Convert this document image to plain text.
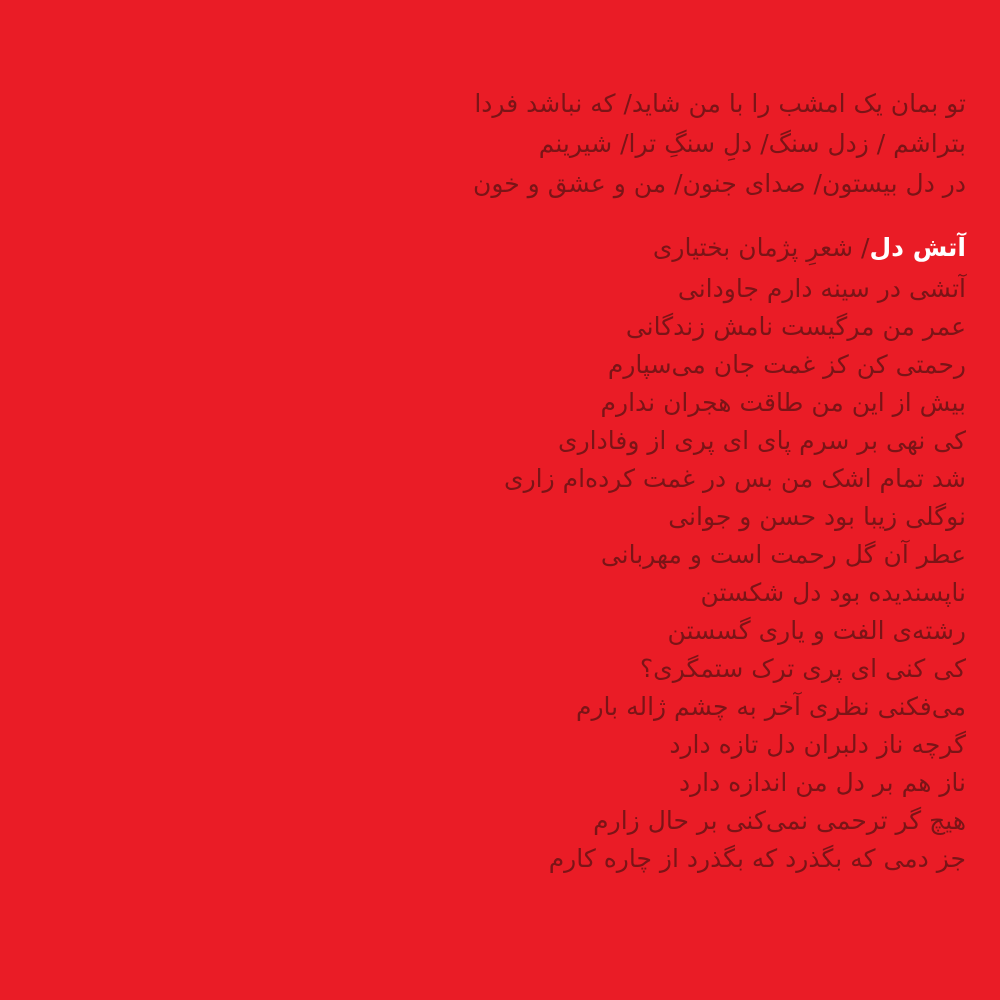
تو بمان یک امشب را با من شاید/ که نباشد فردا
بتراشم / زدل سنگ/ دلِ سنگِ ترا/ شیرینم
در دل بیستون/ صدای جنون/ من و عشق و خون
آتش دل/ شعرِ پژمان بختیاری
آتشی در سینه دارم جاودانی
عمر من مرگیست نامش زندگانی
رحمتی کن کز غمت جان می‌سپارم
بیش از این من طاقت هجران ندارم
کی نهی بر سرم پای ای پری از وفاداری
شد تمام اشک من بس در غمت کرده‌ام زاری
نوگلی زیبا بود حسن و جوانی
عطر آن گل رحمت است و مهربانی
ناپسندیده بود دل شکستن
رشته‌ی الفت و یاری گسستن
کی کنی ای پری ترک ستمگری؟
می‌فکنی نظری آخر به چشم ژاله بارم
گرچه ناز دلبران دل تازه دارد
ناز هم بر دل من اندازه دارد
هیچ گر ترحمی نمی‌کنی بر حال زارم
جز دمی که بگذرد که بگذرد از چاره کارم
